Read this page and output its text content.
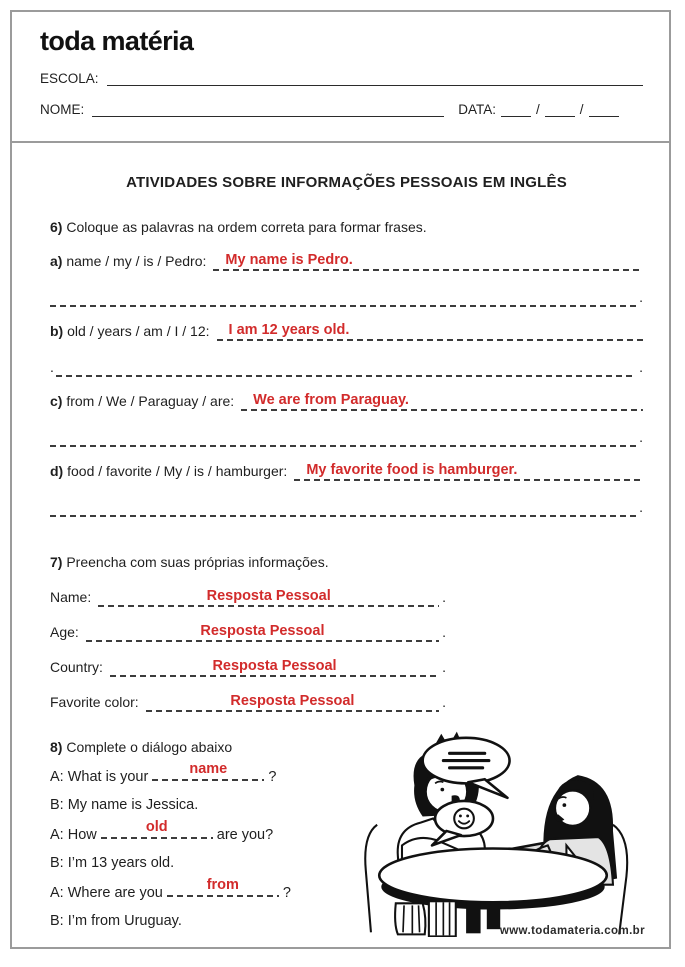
toda matéria
ESCOLA:
NOME:	DATA:	/	/
ATIVIDADES SOBRE INFORMAÇÕES PESSOAIS EM INGLÊS
6) Coloque as palavras na ordem correta para formar frases.
a)
name / my / is / Pedro: My name is Pedro.
.
b)
old / years / am / I / 12: I am 12 years old.
.	.
c)
from / We / Paraguay / are: We are from Paraguay.
.
d)
food / favorite / My / is / hamburger: My favorite food is hamburger.
.
7) Preencha com suas próprias informações.
Name:	Resposta Pessoal	.
Age:	Resposta Pessoal	.
Country:	Resposta Pessoal	.
Favorite color:	Resposta Pessoal	.
8) Complete o diálogo abaixo
A: What is your	name	?
B: My name is Jessica.
A: How	old	are you?
B: I’m 13 years old.
A: Where are you	from	?
B: I’m from Uruguay.
www.todamateria.com.br
